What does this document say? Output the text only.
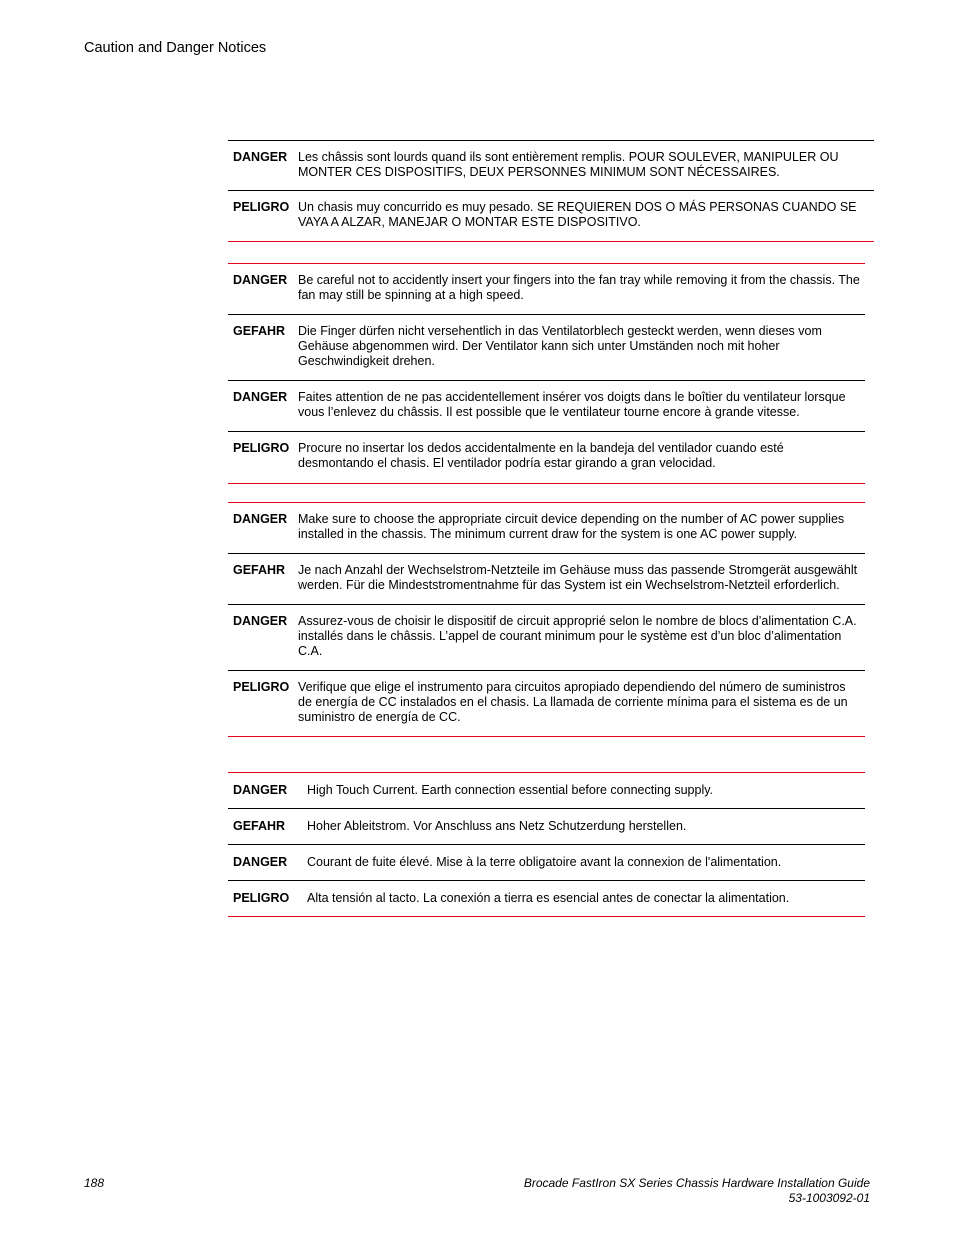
Caution and Danger Notices
DANGER Les châssis sont lourds quand ils sont entièrement remplis. POUR SOULEVER, MANIPULER OU MONTER CES DISPOSITIFS, DEUX PERSONNES MINIMUM SONT NÉCESSAIRES.
PELIGRO Un chasis muy concurrido es muy pesado. SE REQUIEREN DOS O MÁS PERSONAS CUANDO SE VAYA A ALZAR, MANEJAR O MONTAR ESTE DISPOSITIVO.
DANGER Be careful not to accidently insert your fingers into the fan tray while removing it from the chassis. The fan may still be spinning at a high speed.
GEFAHR	Die Finger dürfen nicht versehentlich in das Ventilatorblech gesteckt werden, wenn dieses vom Gehäuse abgenommen wird. Der Ventilator kann sich unter Umständen noch mit hoher Geschwindigkeit drehen.
DANGER Faites attention de ne pas accidentellement insérer vos doigts dans le boîtier du ventilateur lorsque vous l’enlevez du châssis. Il est possible que le ventilateur tourne encore à grande vitesse.
PELIGRO Procure no insertar los dedos accidentalmente en la bandeja del ventilador cuando esté desmontando el chasis. El ventilador podría estar girando a gran velocidad.
DANGER Make sure to choose the appropriate circuit device depending on the number of AC power supplies installed in the chassis. The minimum current draw for the system is one AC power supply.
GEFAHR	Je nach Anzahl der Wechselstrom-Netzteile im Gehäuse muss das passende Stromgerät ausgewählt werden. Für die Mindeststromentnahme für das System ist ein Wechselstrom-Netzteil erforderlich.
DANGER Assurez-vous de choisir le dispositif de circuit approprié selon le nombre de blocs d’alimentation C.A. installés dans le châssis. L’appel de courant minimum pour le système est d’un bloc d’alimentation C.A.
PELIGRO Verifique que elige el instrumento para circuitos apropiado dependiendo del número de suministros de energía de CC instalados en el chasis. La llamada de corriente mínima para el sistema es de un suministro de energía de CC.
DANGER	High Touch Current. Earth connection essential before connecting supply.
GEFAHR	Hoher Ableitstrom. Vor Anschluss ans Netz Schutzerdung herstellen.
DANGER	Courant de fuite élevé. Mise à la terre obligatoire avant la connexion de l'alimentation.
PELIGRO	Alta tensión al tacto. La conexión a tierra es esencial antes de conectar la alimentation.
188	Brocade FastIron SX Series Chassis Hardware Installation Guide
53-1003092-01
